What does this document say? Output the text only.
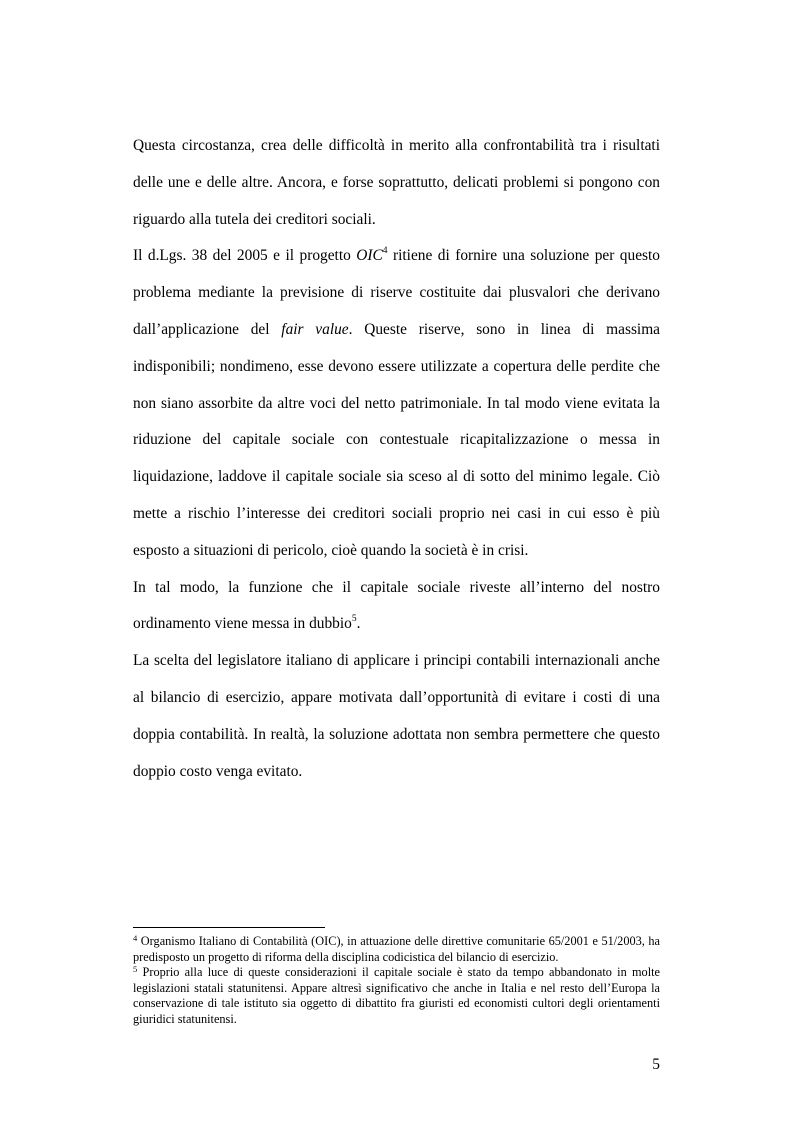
Questa circostanza, crea delle difficoltà in merito alla confrontabilità tra i risultati delle une e delle altre. Ancora, e forse soprattutto, delicati problemi si pongono con riguardo alla tutela dei creditori sociali.

Il d.Lgs. 38 del 2005 e il progetto OIC$^4$ ritiene di fornire una soluzione per questo problema mediante la previsione di riserve costituite dai plusvalori che derivano dall’applicazione del fair value. Queste riserve, sono in linea di massima indisponibili; nondimeno, esse devono essere utilizzate a copertura delle perdite che non siano assorbite da altre voci del netto patrimoniale. In tal modo viene evitata la riduzione del capitale sociale con contestuale ricapitalizzazione o messa in liquidazione, laddove il capitale sociale sia sceso al di sotto del minimo legale. Ciò mette a rischio l’interesse dei creditori sociali proprio nei casi in cui esso è più esposto a situazioni di pericolo, cioè quando la società è in crisi.

In tal modo, la funzione che il capitale sociale riveste all’interno del nostro ordinamento viene messa in dubbio$^5$.

La scelta del legislatore italiano di applicare i principi contabili internazionali anche al bilancio di esercizio, appare motivata dall’opportunità di evitare i costi di una doppia contabilità. In realtà, la soluzione adottata non sembra permettere che questo doppio costo venga evitato.

$^4$ Organismo Italiano di Contabilità (OIC), in attuazione delle direttive comunitarie 65/2001 e 51/2003, ha predisposto un progetto di riforma della disciplina codicistica del bilancio di esercizio.

$^5$ Proprio alla luce di queste considerazioni il capitale sociale è stato da tempo abbandonato in molte legislazioni statali statunitensi. Appare altresì significativo che anche in Italia e nel resto dell’Europa la conservazione di tale istituto sia oggetto di dibattito fra giuristi ed economisti cultori degli orientamenti giuridici statunitensi.

5
